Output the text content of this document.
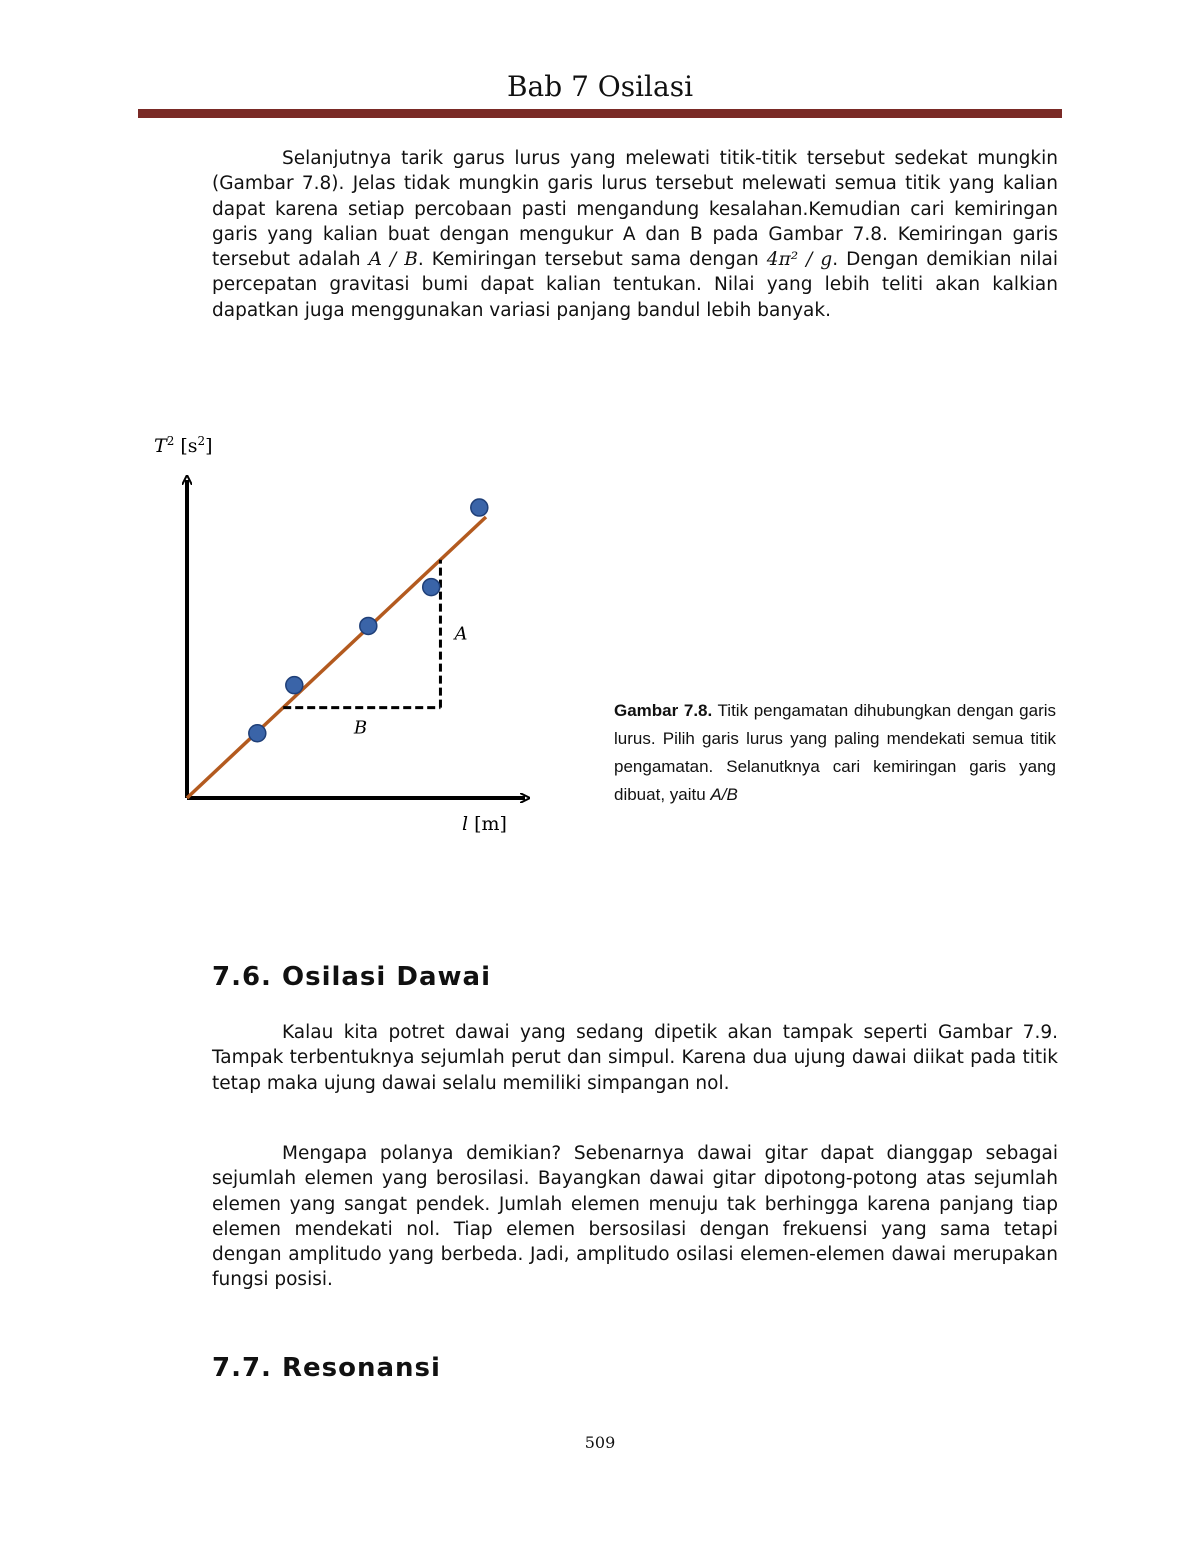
Bab 7 Osilasi

Selanjutnya tarik garus lurus yang melewati titik-titik tersebut sedekat mungkin (Gambar 7.8). Jelas tidak mungkin garis lurus tersebut melewati semua titik yang kalian dapat karena setiap percobaan pasti mengandung kesalahan.Kemudian cari kemiringan garis yang kalian buat dengan mengukur A dan B pada Gambar 7.8. Kemiringan garis tersebut adalah A / B. Kemiringan tersebut sama dengan 4π² / g. Dengan demikian nilai percepatan gravitasi bumi dapat kalian tentukan. Nilai yang lebih teliti akan kalkian dapatkan juga menggunakan variasi panjang bandul lebih banyak.

$T^2$ $[s^2]$
l [m]
A
B
Gambar 7.8. Titik pengamatan dihubungkan dengan garis lurus. Pilih garis lurus yang paling mendekati semua titik pengamatan. Selanutknya cari kemiringan garis yang dibuat, yaitu A/B
7.6. Osilasi Dawai

Kalau kita potret dawai yang sedang dipetik akan tampak seperti Gambar 7.9. Tampak terbentuknya sejumlah perut dan simpul. Karena dua ujung dawai diikat pada titik tetap maka ujung dawai selalu memiliki simpangan nol.

Mengapa polanya demikian? Sebenarnya dawai gitar dapat dianggap sebagai sejumlah elemen yang berosilasi. Bayangkan dawai gitar dipotong-potong atas sejumlah elemen yang sangat pendek. Jumlah elemen menuju tak berhingga karena panjang tiap elemen mendekati nol. Tiap elemen bersosilasi dengan frekuensi yang sama tetapi dengan amplitudo yang berbeda. Jadi, amplitudo osilasi elemen-elemen dawai merupakan fungsi posisi.

7.7. Resonansi
509
